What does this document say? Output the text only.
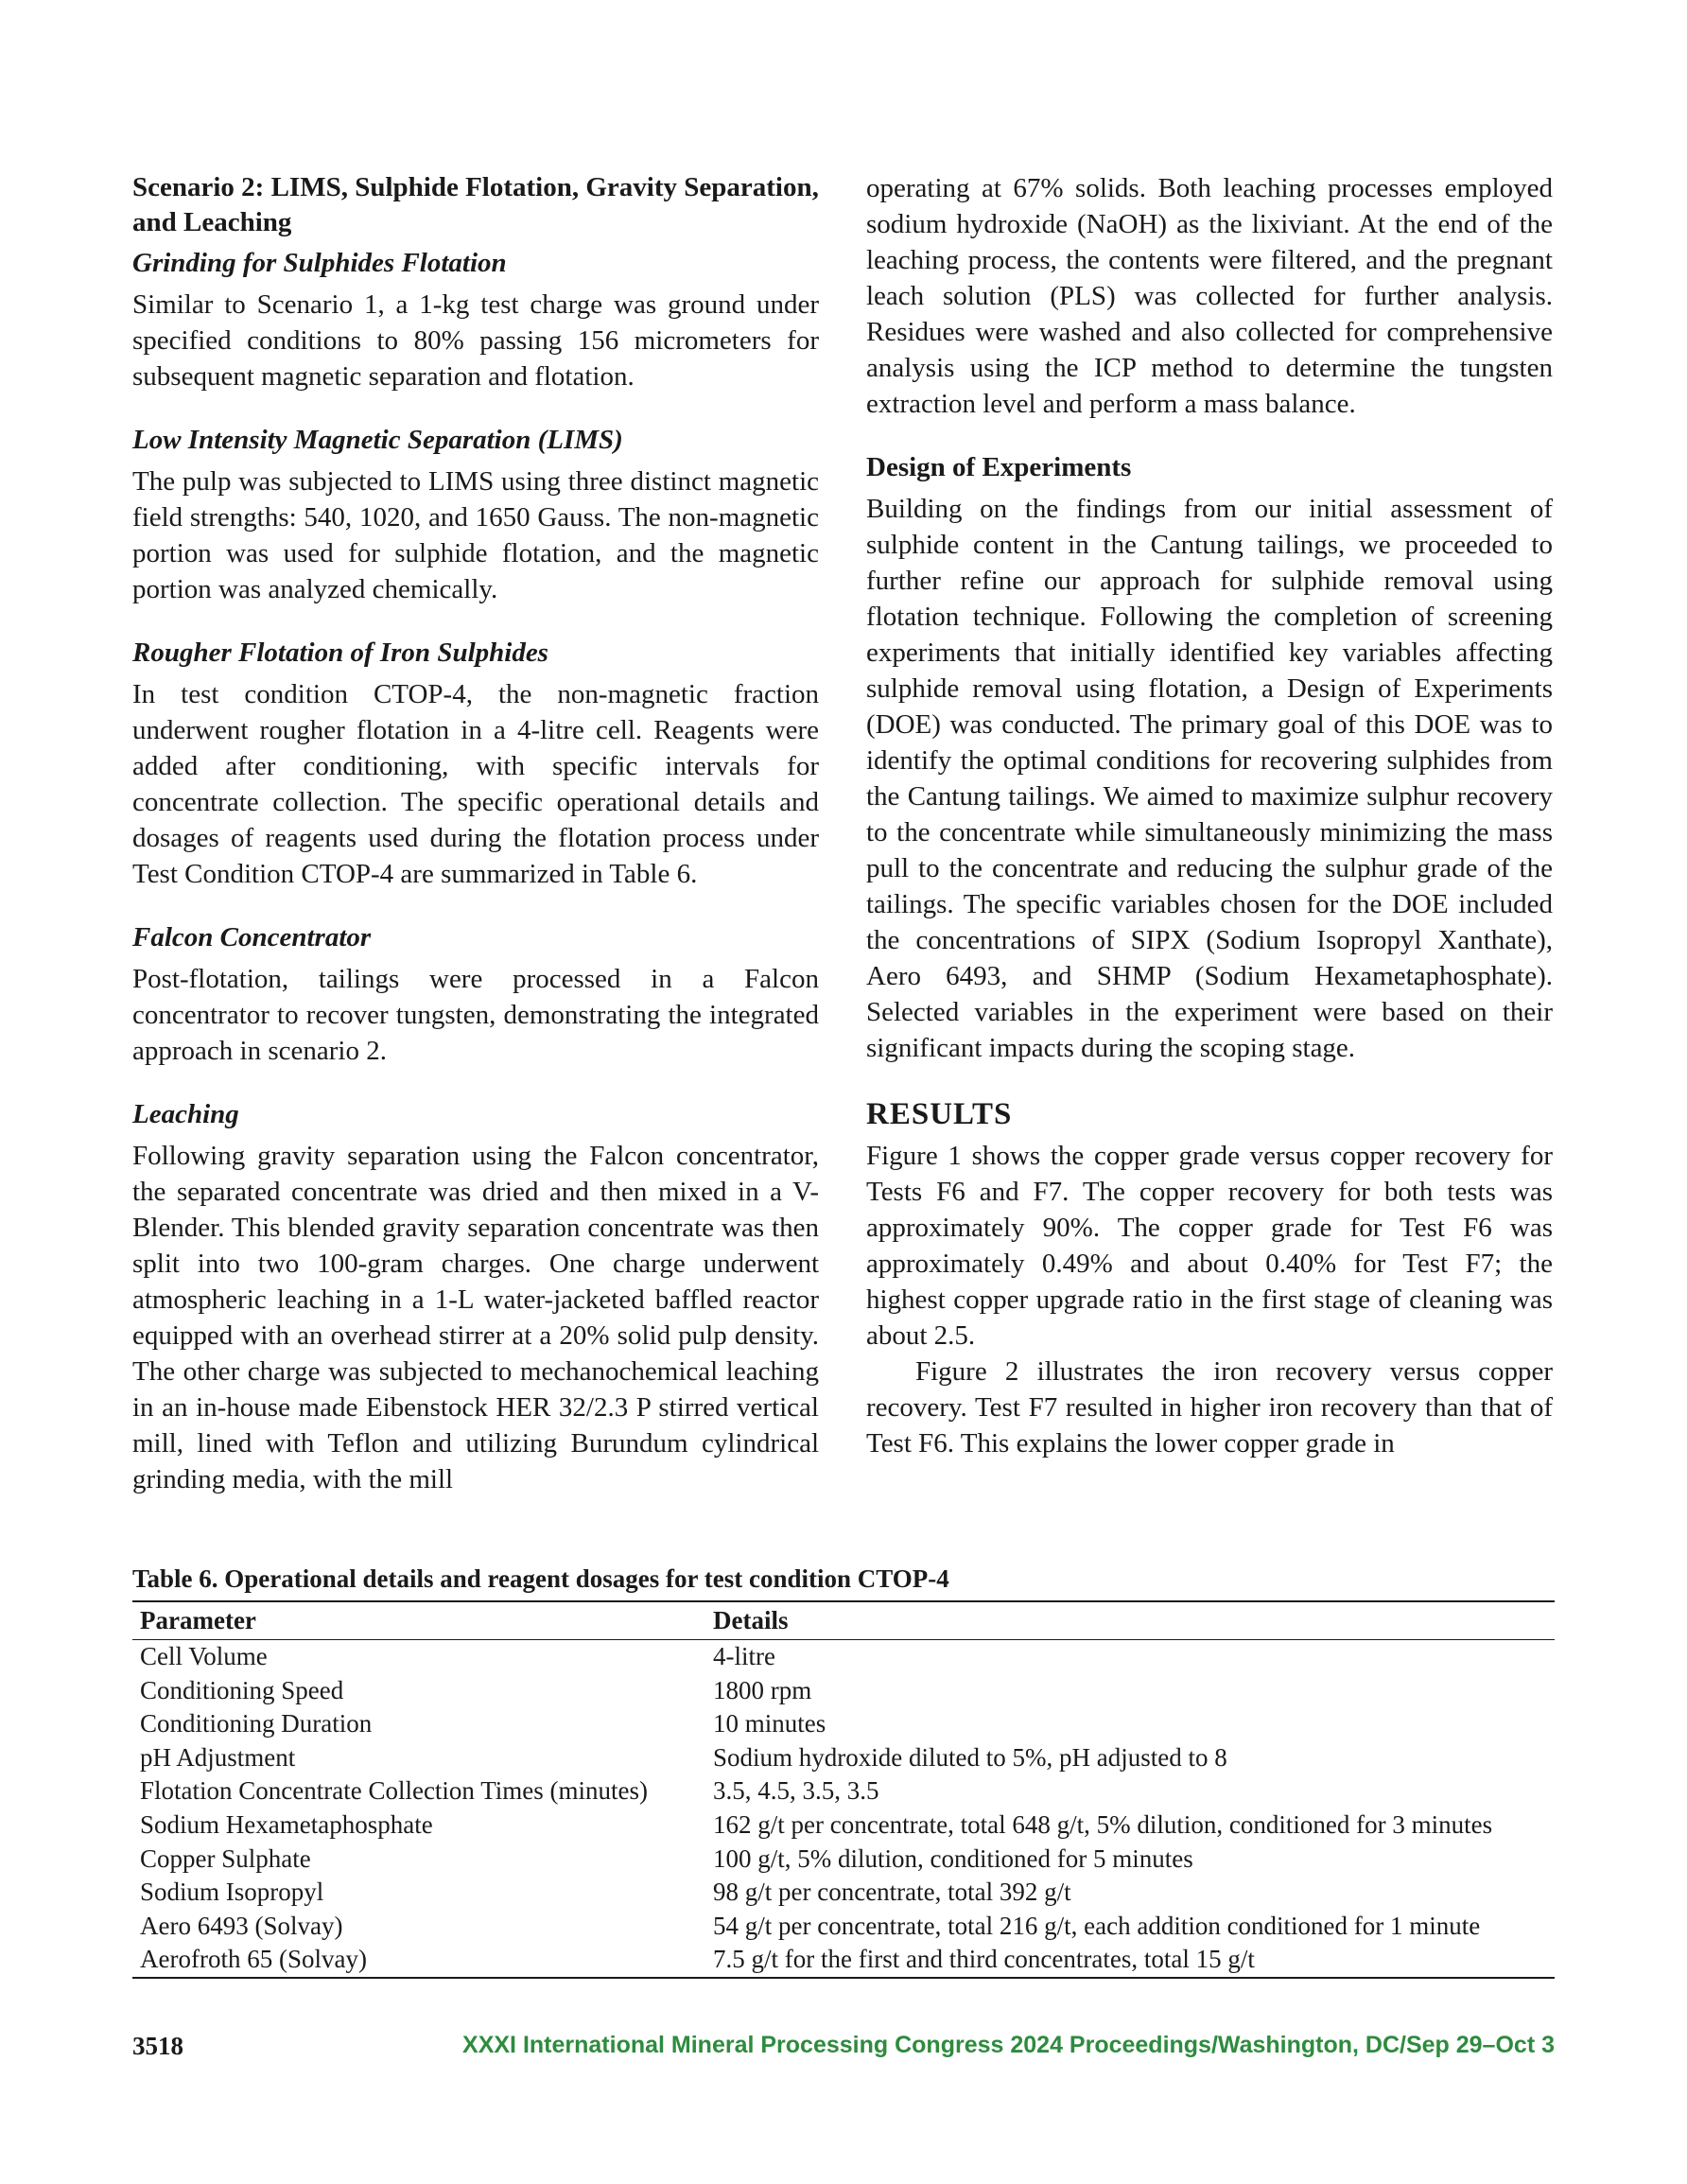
Scenario 2: LIMS, Sulphide Flotation, Gravity Separation, and Leaching
Grinding for Sulphides Flotation

Similar to Scenario 1, a 1-kg test charge was ground under specified conditions to 80% passing 156 micrometers for subsequent magnetic separation and flotation.

Low Intensity Magnetic Separation (LIMS)

The pulp was subjected to LIMS using three distinct magnetic field strengths: 540, 1020, and 1650 Gauss. The non-magnetic portion was used for sulphide flotation, and the magnetic portion was analyzed chemically.

Rougher Flotation of Iron Sulphides

In test condition CTOP-4, the non-magnetic fraction underwent rougher flotation in a 4-litre cell. Reagents were added after conditioning, with specific intervals for concentrate collection. The specific operational details and dosages of reagents used during the flotation process under Test Condition CTOP-4 are summarized in Table 6.

Falcon Concentrator

Post-flotation, tailings were processed in a Falcon concentrator to recover tungsten, demonstrating the integrated approach in scenario 2.

Leaching

Following gravity separation using the Falcon concentrator, the separated concentrate was dried and then mixed in a V-Blender. This blended gravity separation concentrate was then split into two 100-gram charges. One charge underwent atmospheric leaching in a 1-L water-jacketed baffled reactor equipped with an overhead stirrer at a 20% solid pulp density. The other charge was subjected to mechanochemical leaching in an in-house made Eibenstock HER 32/2.3 P stirred vertical mill, lined with Teflon and utilizing Burundum cylindrical grinding media, with the mill

operating at 67% solids. Both leaching processes employed sodium hydroxide (NaOH) as the lixiviant. At the end of the leaching process, the contents were filtered, and the pregnant leach solution (PLS) was collected for further analysis. Residues were washed and also collected for comprehensive analysis using the ICP method to determine the tungsten extraction level and perform a mass balance.

Design of Experiments

Building on the findings from our initial assessment of sulphide content in the Cantung tailings, we proceeded to further refine our approach for sulphide removal using flotation technique. Following the completion of screening experiments that initially identified key variables affecting sulphide removal using flotation, a Design of Experiments (DOE) was conducted. The primary goal of this DOE was to identify the optimal conditions for recovering sulphides from the Cantung tailings. We aimed to maximize sulphur recovery to the concentrate while simultaneously minimizing the mass pull to the concentrate and reducing the sulphur grade of the tailings. The specific variables chosen for the DOE included the concentrations of SIPX (Sodium Isopropyl Xanthate), Aero 6493, and SHMP (Sodium Hexametaphosphate). Selected variables in the experiment were based on their significant impacts during the scoping stage.

RESULTS

Figure 1 shows the copper grade versus copper recovery for Tests F6 and F7. The copper recovery for both tests was approximately 90%. The copper grade for Test F6 was approximately 0.49% and about 0.40% for Test F7; the highest copper upgrade ratio in the first stage of cleaning was about 2.5.

Figure 2 illustrates the iron recovery versus copper recovery. Test F7 resulted in higher iron recovery than that of Test F6. This explains the lower copper grade in

Table 6. Operational details and reagent dosages for test condition CTOP-4
Parameter	Details
Cell Volume	4-litre
Conditioning Speed	1800 rpm
Conditioning Duration	10 minutes
pH Adjustment	Sodium hydroxide diluted to 5%, pH adjusted to 8
Flotation Concentrate Collection Times (minutes)	3.5, 4.5, 3.5, 3.5
Sodium Hexametaphosphate	162 g/t per concentrate, total 648 g/t, 5% dilution, conditioned for 3 minutes
Copper Sulphate	100 g/t, 5% dilution, conditioned for 5 minutes
Sodium Isopropyl	98 g/t per concentrate, total 392 g/t
Aero 6493 (Solvay)	54 g/t per concentrate, total 216 g/t, each addition conditioned for 1 minute
Aerofroth 65 (Solvay)	7.5 g/t for the first and third concentrates, total 15 g/t
3518	XXXI International Mineral Processing Congress 2024 Proceedings/Washington, DC/Sep 29–Oct 3
